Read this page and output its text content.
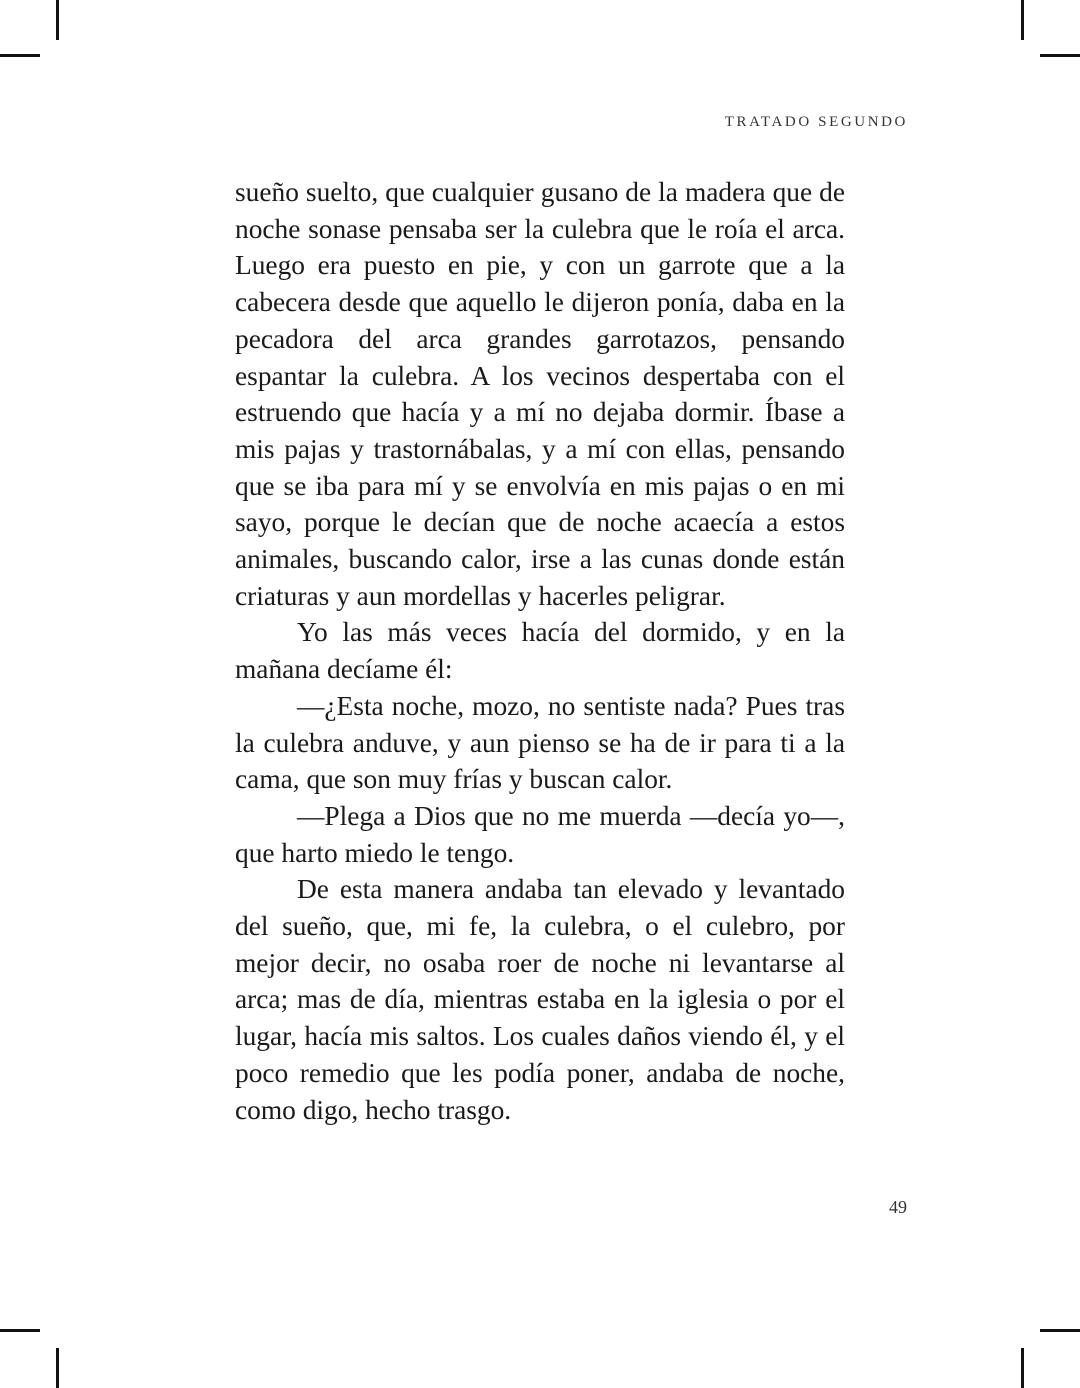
TRATADO SEGUNDO

sueño suelto, que cualquier gusano de la madera que de noche sonase pensaba ser la culebra que le roía el arca. Luego era puesto en pie, y con un garrote que a la cabecera desde que aquello le dijeron ponía, daba en la pecadora del arca grandes garrotazos, pensando espantar la culebra. A los vecinos despertaba con el estruendo que hacía y a mí no dejaba dormir. Íbase a mis pajas y trastornábalas, y a mí con ellas, pensando que se iba para mí y se envolvía en mis pajas o en mi sayo, porque le decían que de noche acaecía a estos animales, buscando calor, irse a las cunas donde están criaturas y aun mordellas y hacerles peligrar.

Yo las más veces hacía del dormido, y en la mañana decíame él:

—¿Esta noche, mozo, no sentiste nada? Pues tras la culebra anduve, y aun pienso se ha de ir para ti a la cama, que son muy frías y buscan calor.

—Plega a Dios que no me muerda —decía yo—, que harto miedo le tengo.

De esta manera andaba tan elevado y levantado del sueño, que, mi fe, la culebra, o el culebro, por mejor decir, no osaba roer de noche ni levantarse al arca; mas de día, mientras estaba en la iglesia o por el lugar, hacía mis saltos. Los cuales daños viendo él, y el poco remedio que les podía poner, andaba de noche, como digo, hecho trasgo.

49
